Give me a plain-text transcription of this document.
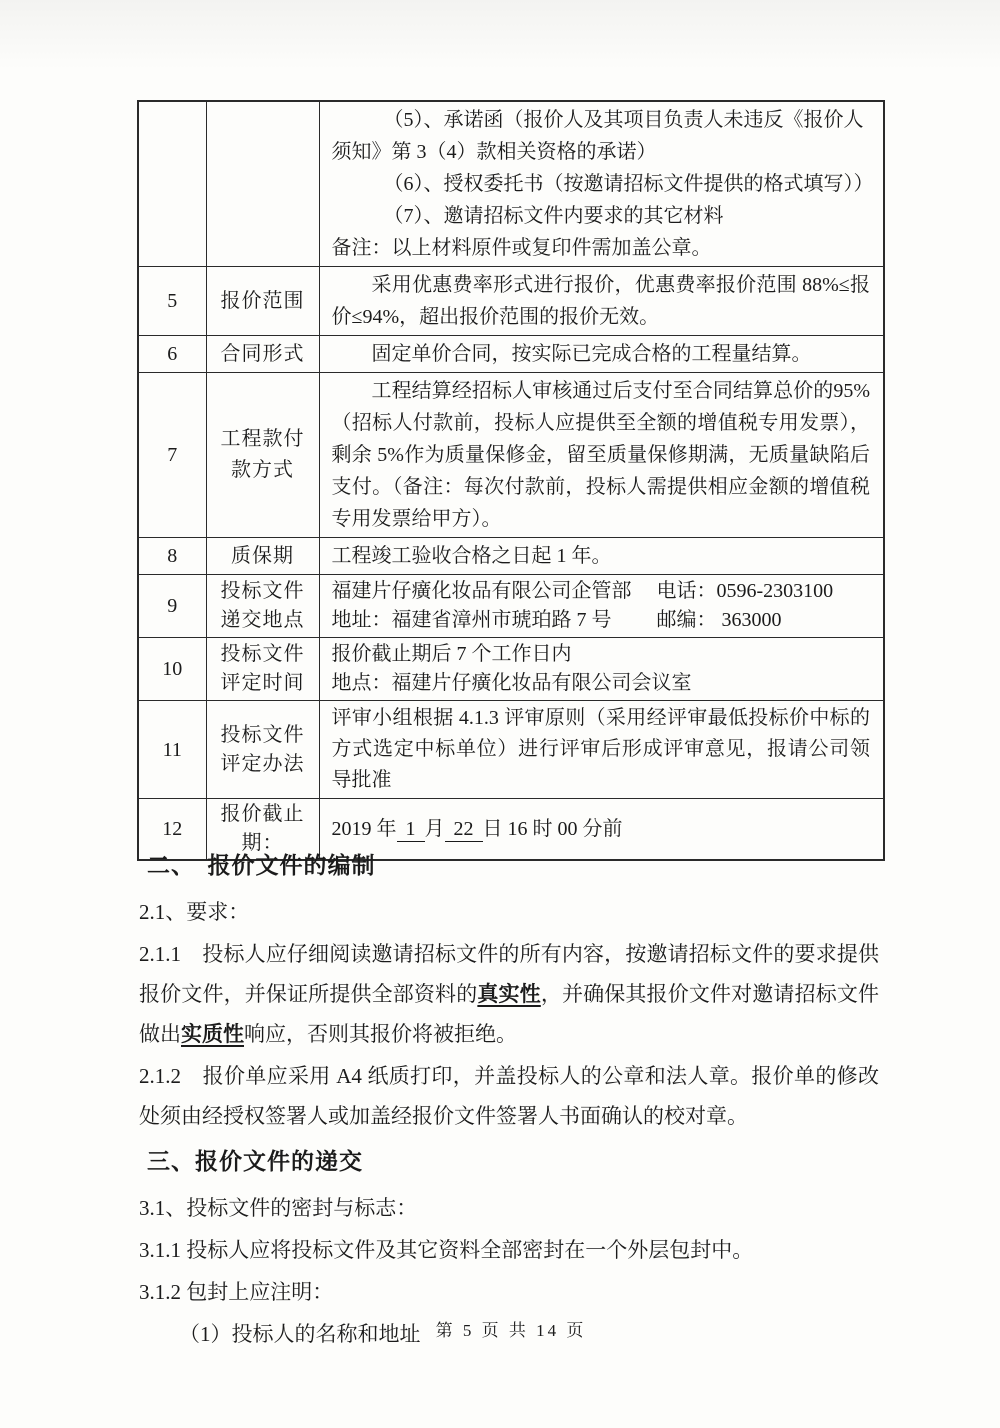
		（5）、承诺函（报价人及其项目负责人未违反《报价人须知》第 3（4）款相关资格的承诺）

（6）、授权委托书（按邀请招标文件提供的格式填写））

（7）、邀请招标文件内要求的其它材料

备注：以上材料原件或复印件需加盖公章。

5	报价范围	采用优惠费率形式进行报价，优惠费率报价范围 88%≤报价≤94%，超出报价范围的报价无效。

6	合同形式	固定单价合同，按实际已完成合格的工程量结算。

7	工程款付款方式	工程结算经招标人审核通过后支付至合同结算总价的95%（招标人付款前，投标人应提供至全额的增值税专用发票），剩余 5%作为质量保修金，留至质量保修期满，无质量缺陷后支付。（备注：每次付款前，投标人需提供相应金额的增值税专用发票给甲方）。

8	质保期	工程竣工验收合格之日起 1 年。

9	投标文件递交地点	福建片仔癀化妆品有限公司企管部 电话：0596-2303100
地址：福建省漳州市琥珀路 7 号 邮编： 363000

10	投标文件评定时间	报价截止期后 7 个工作日内

地点：福建片仔癀化妆品有限公司会议室

11	投标文件评定办法	评审小组根据 4.1.3 评审原则（采用经评审最低投标价中标的方式选定中标单位）进行评审后形成评审意见，报请公司领导批准

12	报价截止期：	2019 年 1 月 22 日 16 时 00 分前

二、　报价文件的编制

2.1、要求：

2.1.1　投标人应仔细阅读邀请招标文件的所有内容，按邀请招标文件的要求提供报价文件，并保证所提供全部资料的真实性，并确保其报价文件对邀请招标文件做出实质性响应，否则其报价将被拒绝。

2.1.2　报价单应采用 A4 纸质打印，并盖投标人的公章和法人章。报价单的修改处须由经授权签署人或加盖经报价文件签署人书面确认的校对章。

三、报价文件的递交

3.1、投标文件的密封与标志：

3.1.1 投标人应将投标文件及其它资料全部密封在一个外层包封中。

3.1.2 包封上应注明：

（1）投标人的名称和地址 第 5 页 共 14 页
